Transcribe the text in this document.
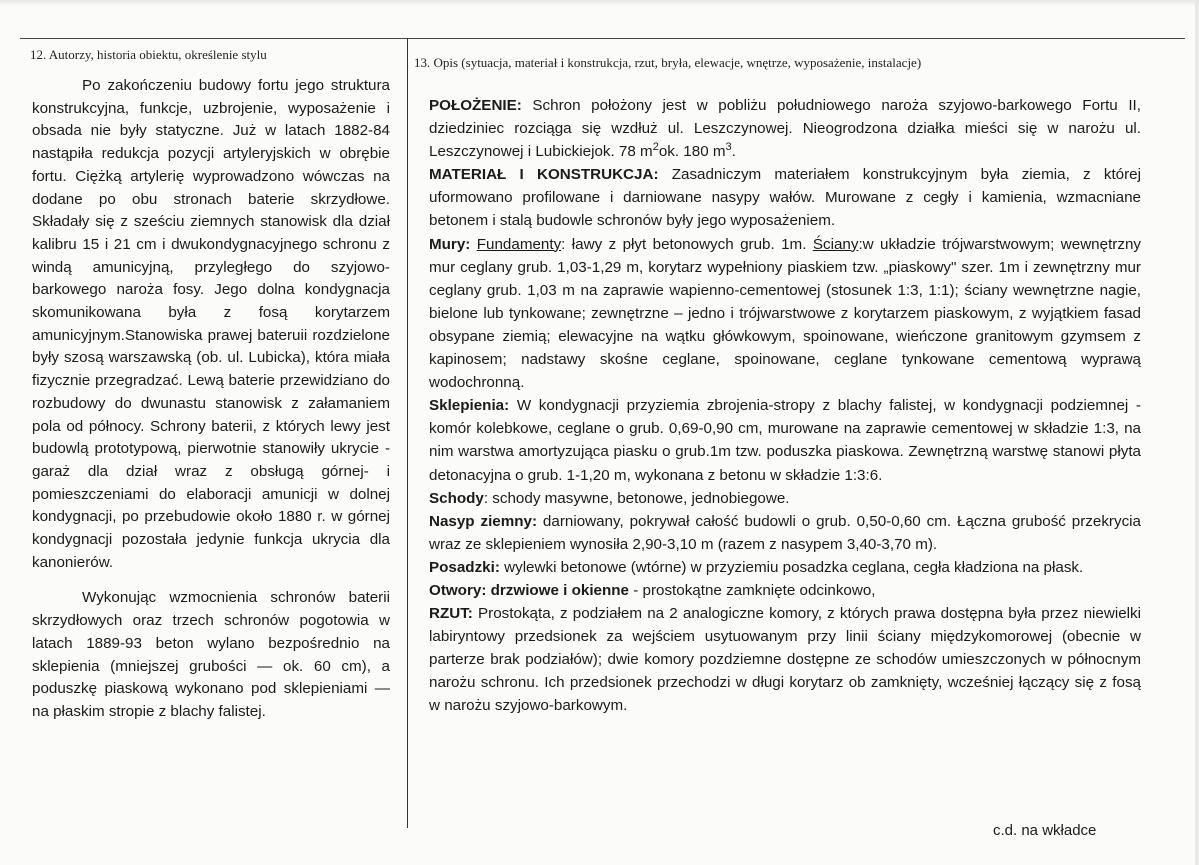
12. Autorzy, historia obiektu, określenie stylu
13. Opis (sytuacja, materiał i konstrukcja, rzut, bryła, elewacje, wnętrze, wyposażenie, instalacje)

Po zakończeniu budowy fortu jego struktura konstrukcyjna, funkcje, uzbrojenie, wyposażenie i obsada nie były statyczne. Już w latach 1882-84 nastąpiła redukcja pozycji artyleryjskich w obrębie fortu. Ciężką artylerię wyprowadzono wówczas na dodane po obu stronach baterie skrzydłowe. Składały się z sześciu ziemnych stanowisk dla dział kalibru 15 i 21 cm i dwukondygnacyjnego schronu z windą amunicyjną, przyległego do szyjowo-barkowego naroża fosy. Jego dolna kondygnacja skomunikowana była z fosą korytarzem amunicyjnym.Stanowiska prawej bateruii rozdzielone były szosą warszawską (ob. ul. Lubicka), która miała fizycznie przegradzać. Lewą baterie przewidziano do rozbudowy do dwunastu stanowisk z załamaniem pola od północy. Schrony baterii, z których lewy jest budowlą prototypową, pierwotnie stanowiły ukrycie - garaż dla dział wraz z obsługą górnej- i pomieszczeniami do elaboracji amunicji w dolnej kondygnacji, po przebudowie około 1880 r. w górnej kondygnacji pozostała jedynie funkcja ukrycia dla kanonierów.

Wykonując wzmocnienia schronów baterii skrzydłowych oraz trzech schronów pogotowia w latach 1889-93 beton wylano bezpośrednio na sklepienia (mniejszej grubości — ok. 60 cm), a poduszkę piaskową wykonano pod sklepieniami — na płaskim stropie z blachy falistej.

POŁOŻENIE: Schron położony jest w pobliżu południowego naroża szyjowo-barkowego Fortu II, dziedziniec rozciąga się wzdłuż ul. Leszczynowej. Nieogrodzona działka mieści się w narożu ul. Leszczynowej i Lubickiejok. 78 $m^2ok$. 180 $m^3$.

MATERIAŁ I KONSTRUKCJA: Zasadniczym materiałem konstrukcyjnym była ziemia, z której uformowano profilowane i darniowane nasypy wałów. Murowane z cegły i kamienia, wzmacniane betonem i stalą budowle schronów były jego wyposażeniem.

Mury: Fundamenty: ławy z płyt betonowych grub. 1m. Ściany:w układzie trójwarstwowym; wewnętrzny mur ceglany grub. 1,03-1,29 m, korytarz wypełniony piaskiem tzw. „piaskowy" szer. 1m i zewnętrzny mur ceglany grub. 1,03 m na zaprawie wapienno-cementowej (stosunek 1:3, 1:1); ściany wewnętrzne nagie, bielone lub tynkowane; zewnętrzne – jedno i trójwarstwowe z korytarzem piaskowym, z wyjątkiem fasad obsypane ziemią; elewacyjne na wątku główkowym, spoinowane, wieńczone granitowym gzymsem z kapinosem; nadstawy skośne ceglane, spoinowane, ceglane tynkowane cementową wyprawą wodochronną.

Sklepienia: W kondygnacji przyziemia zbrojenia-stropy z blachy falistej, w kondygnacji podziemnej - komór kolebkowe, ceglane o grub. 0,69-0,90 cm, murowane na zaprawie cementowej w składzie 1:3, na nim warstwa amortyzująca piasku o grub.1m tzw. poduszka piaskowa. Zewnętrzną warstwę stanowi płyta detonacyjna o grub. 1-1,20 m, wykonana z betonu w składzie 1:3:6.

Schody: schody masywne, betonowe, jednobiegowe.

Nasyp ziemny: darniowany, pokrywał całość budowli o grub. 0,50-0,60 cm. Łączna grubość przekrycia wraz ze sklepieniem wynosiła 2,90-3,10 m (razem z nasypem 3,40-3,70 m).

Posadzki: wylewki betonowe (wtórne) w przyziemiu posadzka ceglana, cegła kładziona na płask.

Otwory: drzwiowe i okienne - prostokątne zamknięte odcinkowo,

RZUT: Prostokąta, z podziałem na 2 analogiczne komory, z których prawa dostępna była przez niewielki labiryntowy przedsionek za wejściem usytuowanym przy linii ściany międzykomorowej (obecnie w parterze brak podziałów); dwie komory pozdziemne dostępne ze schodów umieszczonych w północnym narożu schronu. Ich przedsionek przechodzi w długi korytarz ob zamknięty, wcześniej łączący się z fosą w narożu szyjowo-barkowym.

c.d. na wkładce
